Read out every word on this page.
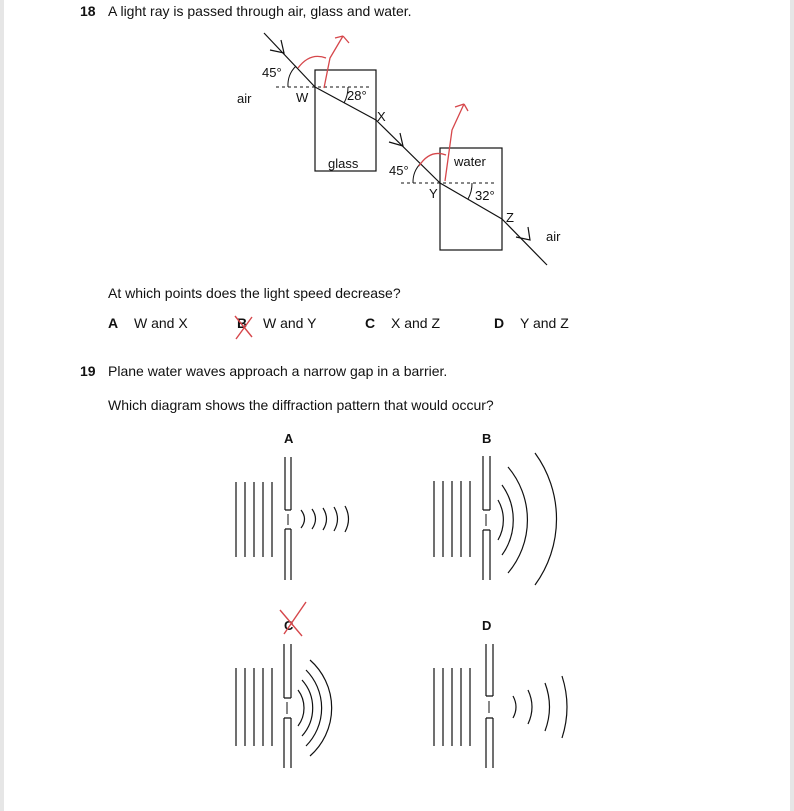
18 A light ray is passed through air, glass and water.
45°
air	W	28°
X
glass 45°
water
Y	32°
Z
air
At which points does the light speed decrease?
A W and X	B W and Y	C X and Z	D Y and Z
19 Plane water waves approach a narrow gap in a barrier.
Which diagram shows the diffraction pattern that would occur?
A	B
C	D
